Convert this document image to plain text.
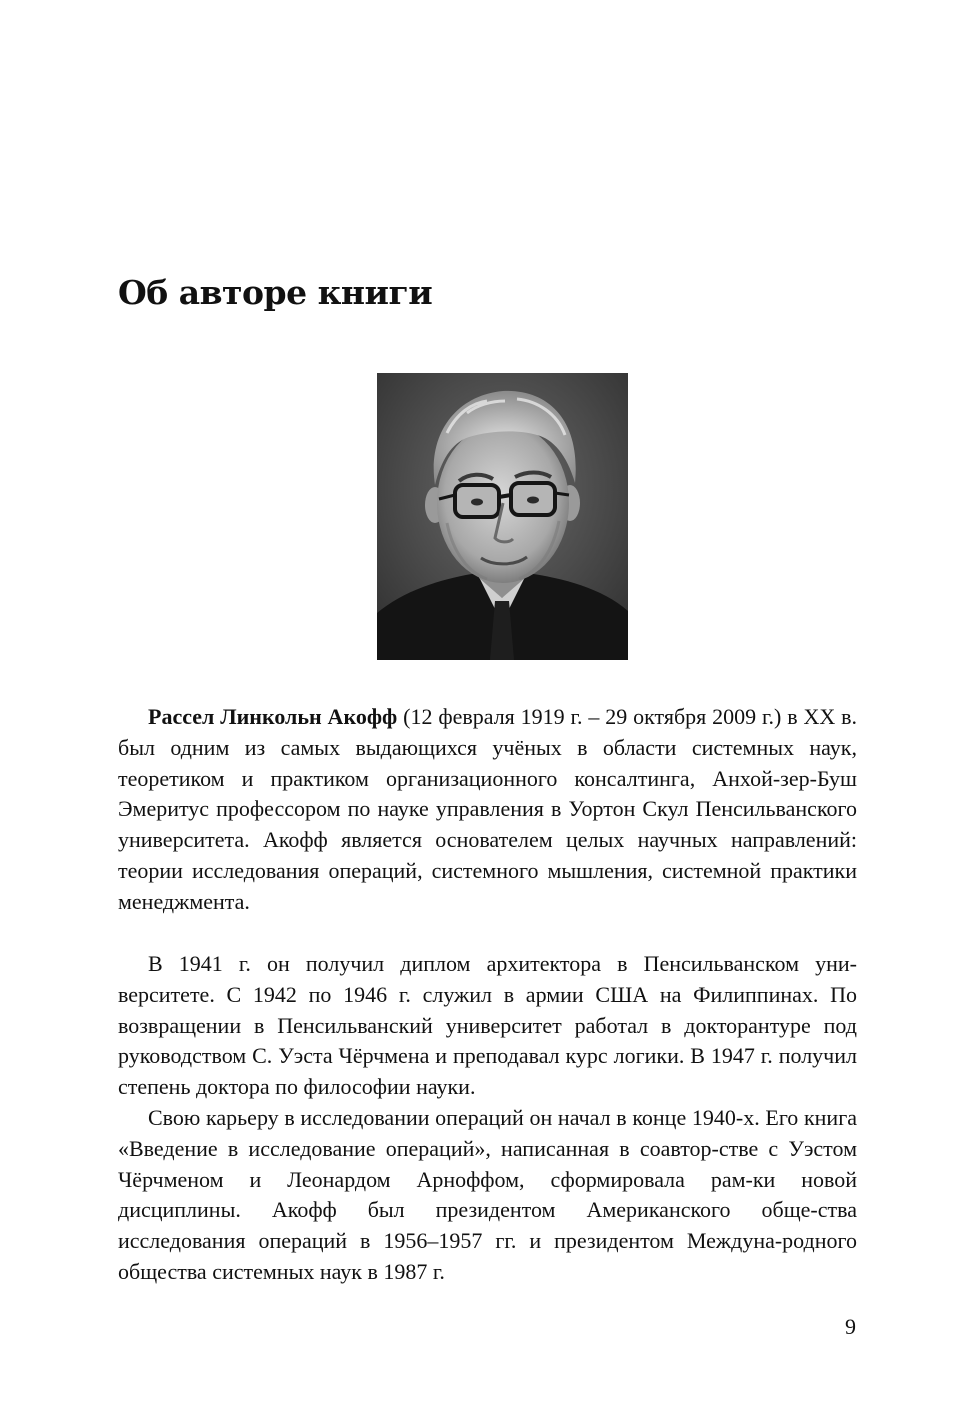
Об авторе книги

Рассел Линкольн Акофф (12 февраля 1919 г. – 29 октября 2009 г.) в XX в. был одним из самых выдающихся учёных в области системных наук, теоретиком и практиком организационного консалтинга, Анхой-зер-Буш Эмеритус профессором по науке управления в Уортон Скул Пенсильванского университета. Акофф является основателем целых научных направлений: теории исследования операций, системного мышления, системной практики менеджмента.

В 1941 г. он получил диплом архитектора в Пенсильванском уни-верситете. С 1942 по 1946 г. служил в армии США на Филиппинах. По возвращении в Пенсильванский университет работал в докторантуре под руководством С. Уэста Чёрчмена и преподавал курс логики. В 1947 г. получил степень доктора по философии науки.

Свою карьеру в исследовании операций он начал в конце 1940-х. Его книга «Введение в исследование операций», написанная в соавтор-стве с Уэстом Чёрчменом и Леонардом Арноффом, сформировала рам-ки новой дисциплины. Акофф был президентом Американского обще-ства исследования операций в 1956–1957 гг. и президентом Междуна-родного общества системных наук в 1987 г.

9
